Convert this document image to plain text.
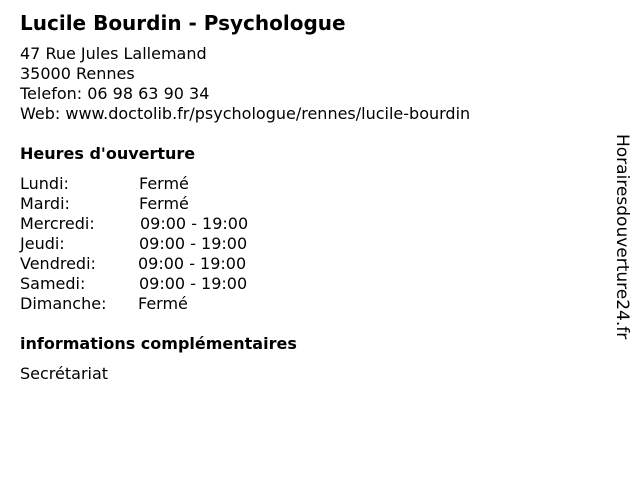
Lucile Bourdin - Psychologue
47 Rue Jules Lallemand
35000 Rennes
Telefon: 06 98 63 90 34
Web: www.doctolib.fr/psychologue/rennes/lucile-bourdin
Heures d'ouverture
Lundi:	Fermé
Mardi:	Fermé
Mercredi:	09:00 - 19:00
Jeudi:	09:00 - 19:00
Vendredi:	09:00 - 19:00
Samedi:	09:00 - 19:00
Dimanche: Fermé
informations complémentaires
Secrétariat
Horairesdouverture24.fr
